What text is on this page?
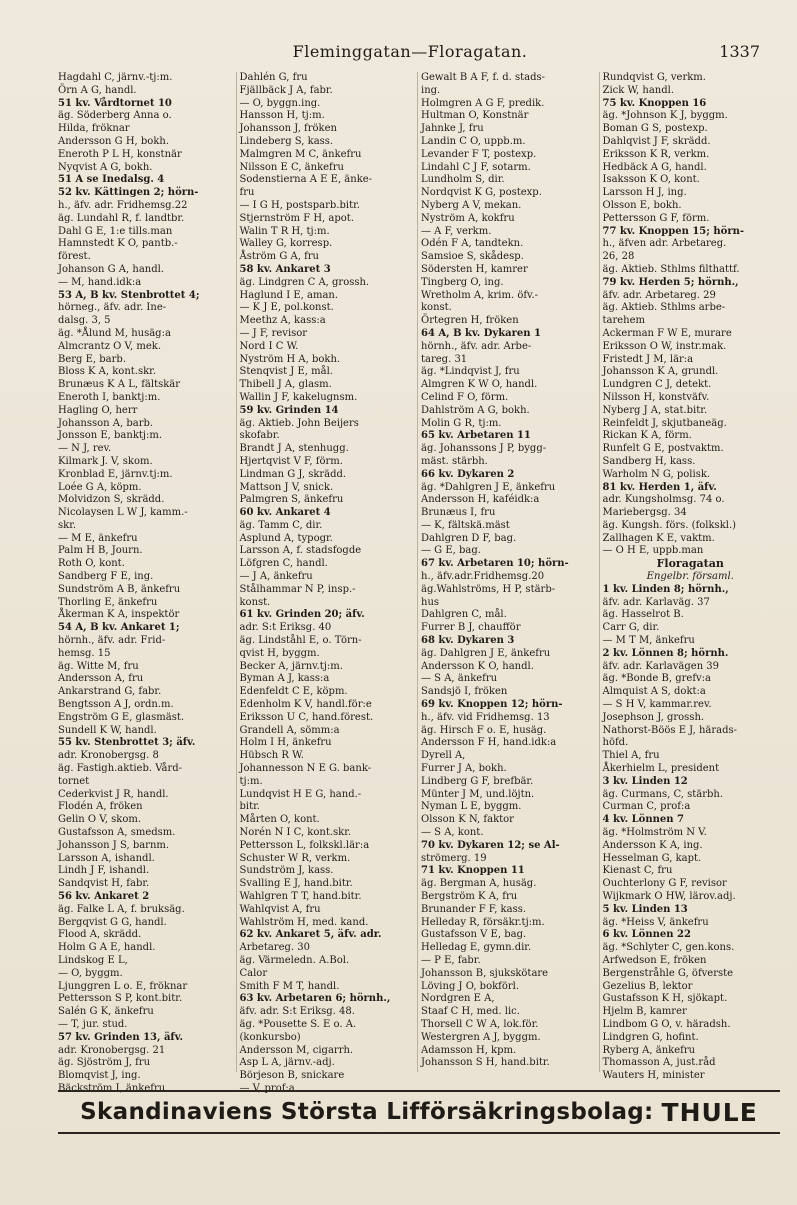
Fleminggatan—Floragatan.	1337
Hagdahl C, järnv.-tj:m.
Örn A G, handl.
51 kv. Vårdtornet 10
äg. Söderberg Anna o.
Hilda, fröknar
Andersson G H, bokh.
Eneroth P L H, konstnär
Nyqvist A G, bokh.
51 A se Inedalsg. 4
52 kv. Kättingen 2; hörn-
h., äfv. adr. Fridhemsg.22
äg. Lundahl R, f. landtbr.
Dahl G E, 1:e tills.man
Hamnstedt K O, pantb.-
förest.
Johanson G A, handl.
— M, hand.idk:a
53 A, B kv. Stenbrottet 4;
hörneg., äfv. adr. Ine-
dalsg. 3, 5
äg. *Ålund M, husäg:a
Almcrantz O V, mek.
Berg E, barb.
Bloss K A, kont.skr.
Brunæus K A L, fältskär
Eneroth I, banktj:m.
Hagling O, herr
Johansson A, barb.
Jonsson E, banktj:m.
— N J, rev.
Kilmark J. V, skom.
Kronblad E, järnv.tj:m.
Loée G A, köpm.
Molvidzon S, skrädd.
Nicolaysen L W J, kamm.-
skr.
— M E, änkefru
Palm H B, Journ.
Roth O, kont.
Sandberg F E, ing.
Sundström A B, änkefru
Thorling E, änkefru
Åkerman K A, inspektör
54 A, B kv. Ankaret 1;
hörnh., äfv. adr. Frid-
hemsg. 15
äg. Witte M, fru
Andersson A, fru
Ankarstrand G, fabr.
Bengtsson A J, ordn.m.
Engström G E, glasmäst.
Sundell K W, handl.
55 kv. Stenbrottet 3; äfv.
adr. Kronobergsg. 8
äg. Fastigh.aktieb. Vård-
tornet
Cederkvist J R, handl.
Flodén A, fröken
Gelin O V, skom.
Gustafsson A, smedsm.
Johansson J S, barnm.
Larsson A, ishandl.
Lindh J F, ishandl.
Sandqvist H, fabr.
56 kv. Ankaret 2
äg. Falke L A, f. bruksäg.
Bergqvist G G, handl.
Flood A, skrädd.
Holm G A E, handl.
Lindskog E L,
— O, byggm.
Ljunggren L o. E, fröknar
Pettersson S P, kont.bitr.
Salén G K, änkefru
— T, jur. stud.
57 kv. Grinden 13, äfv.
adr. Kronobergsg. 21
äg. Sjöström J, fru
Blomqvist J, ing.
Bäckström I, änkefru
Dahlén G, fru
Fjällbäck J A, fabr.
— O, byggn.ing.
Hansson H, tj:m.
Johansson J, fröken
Lindeberg S, kass.
Malmgren M C, änkefru
Nilsson E C, änkefru
Sodenstierna A E E, änke-
fru
— I G H, postsparb.bitr.
Stjernström F H, apot.
Walin T R H, tj:m.
Walley G, korresp.
Åström G A, fru
58 kv. Ankaret 3
äg. Lindgren C A, grossh.
Haglund I E, aman.
— K J E, pol.konst.
Meethz A, kass:a
— J F, revisor
Nord I C W.
Nyström H A, bokh.
Stenqvist J E, mål.
Thibell J A, glasm.
Wallin J F, kakelugnsm.
59 kv. Grinden 14
äg. Aktieb. John Beijers
skofabr.
Brandt J A, stenhugg.
Hjertqvist V F, förm.
Lindman G J, skrädd.
Mattson J V, snick.
Palmgren S, änkefru
60 kv. Ankaret 4
äg. Tamm C, dir.
Asplund A, typogr.
Larsson A, f. stadsfogde
Löfgren C, handl.
— J A, änkefru
Stålhammar N P, insp.-
konst.
61 kv. Grinden 20; äfv.
adr. S:t Eriksg. 40
äg. Lindståhl E, o. Törn-
qvist H, byggm.
Becker A, järnv.tj:m.
Byman A J, kass:a
Edenfeldt C E, köpm.
Edenholm K V, handl.för:e
Eriksson U C, hand.förest.
Grandell A, sömm:a
Holm I H, änkefru
Hübsch R W.
Johannesson N E G. bank-
tj:m.
Lundqvist H E G, hand.-
bitr.
Mårten O, kont.
Norén N I C, kont.skr.
Pettersson L, folkskl.lär:a
Schuster W R, verkm.
Sundström J, kass.
Svalling E J, hand.bitr.
Wahlgren T T, hand.bitr.
Wahlqvist A, fru
Wahlström H, med. kand.
62 kv. Ankaret 5, äfv. adr.
Arbetareg. 30
äg. Värmeledn. A.Bol.
Calor
Smith F M T, handl.
63 kv. Arbetaren 6; hörnh.,
äfv. adr. S:t Eriksg. 48.
äg. *Pousette S. E o. A.
(konkursbo)
Andersson M, cigarrh.
Asp L A, järnv.-adj.
Börjeson B, snickare
— V, prof:a
Gewalt B A F, f. d. stads-
ing.
Holmgren A G F, predik.
Hultman O, Konstnär
Jahnke J, fru
Landin C O, uppb.m.
Levander F T, postexp.
Lindahl C J F, sotarm.
Lundholm S, dir.
Nordqvist K G, postexp.
Nyberg A V, mekan.
Nyström A, kokfru
— A F, verkm.
Odén F A, tandtekn.
Samsioe S, skådesp.
Södersten H, kamrer
Tingberg O, ing.
Wretholm A, krim. öfv.-
konst.
Örtegren H, fröken
64 A, B kv. Dykaren 1
hörnh., äfv. adr. Arbe-
tareg. 31
äg. *Lindqvist J, fru
Almgren K W O, handl.
Celind F O, förm.
Dahlström A G, bokh.
Molin G R, tj:m.
65 kv. Arbetaren 11
äg. Johanssons J P, bygg-
mäst. stärbh.
66 kv. Dykaren 2
äg. *Dahlgren J E, änkefru
Andersson H, kaféidk:a
Brunæus I, fru
— K, fältskä.mäst
Dahlgren D F, bag.
— G E, bag.
67 kv. Arbetaren 10; hörn-
h., äfv.adr.Fridhemsg.20
äg.Wahlströms, H P, stärb-
hus
Dahlgren C, mål.
Furrer B J, chaufför
68 kv. Dykaren 3
äg. Dahlgren J E, änkefru
Andersson K O, handl.
— S A, änkefru
Sandsjö I, fröken
69 kv. Knoppen 12; hörn-
h., äfv. vid Fridhemsg. 13
äg. Hirsch F o. E, husäg.
Andersson F H, hand.idk:a
Dyrell A,
Furrer J A, bokh.
Lindberg G F, brefbär.
Münter J M, und.löjtn.
Nyman L E, byggm.
Olsson K N, faktor
— S A, kont.
70 kv. Dykaren 12; se Al-
strömerg. 19
71 kv. Knoppen 11
äg. Bergman A, husäg.
Bergström K A, fru
Brunander F F, kass.
Helleday R, försäkr.tj:m.
Gustafsson V E, bag.
Helledag E, gymn.dir.
— P E, fabr.
Johansson B, sjukskötare
Löving J O, bokförl.
Nordgren E A,
Staaf C H, med. lic.
Thorsell C W A, lok.för.
Westergren A J, byggm.
Adamsson H, kpm.
Johansson S H, hand.bitr.
Rundqvist G, verkm.
Zick W, handl.
75 kv. Knoppen 16
äg. *Johnson K J, byggm.
Boman G S, postexp.
Dahlqvist J F, skrädd.
Eriksson K R, verkm.
Hedbäck A G, handl.
Isaksson K O, kont.
Larsson H J, ing.
Olsson E, bokh.
Pettersson G F, förm.
77 kv. Knoppen 15; hörn-
h., äfven adr. Arbetareg.
26, 28
äg. Aktieb. Sthlms filthattf.
79 kv. Herden 5; hörnh.,
äfv. adr. Arbetareg. 29
äg. Aktieb. Sthlms arbe-
tarehem
Ackerman F W E, murare
Eriksson O W, instr.mak.
Fristedt J M, lär:a
Johansson K A, grundl.
Lundgren C J, detekt.
Nilsson H, konstväfv.
Nyberg J A, stat.bitr.
Reinfeldt J, skjutbaneäg.
Rickan K A, förm.
Runfelt G E, postvaktm.
Sandberg H, kass.
Warholm N G, polisk.
81 kv. Herden 1, äfv.
adr. Kungsholmsg. 74 o.
Mariebergsg. 34
äg. Kungsh. förs. (folkskl.)
Zallhagen K E, vaktm.
— O H E, uppb.man
Floragatan
Engelbr. församl.
1 kv. Linden 8; hörnh.,
äfv. adr. Karlaväg. 37
äg. Hasselrot B.
Carr G, dir.
— M T M, änkefru
2 kv. Lönnen 8; hörnh.
äfv. adr. Karlavägen 39
äg. *Bonde B, grefv:a
Almquist A S, dokt:a
— S H V, kammar.rev.
Josephson J, grossh.
Nathorst-Böös E J, härads-
höfd.
Thiel A, fru
Åkerhielm L, president
3 kv. Linden 12
äg. Curmans, C, stärbh.
Curman C, prof:a
4 kv. Lönnen 7
äg. *Holmström N V.
Andersson K A, ing.
Hesselman G, kapt.
Kienast C, fru
Ouchterlony G F, revisor
Wijkmark O HW, lärov.adj.
5 kv. Linden 13
äg. *Heiss V, änkefru
6 kv. Lönnen 22
äg. *Schlyter C, gen.kons.
Arfwedson E, fröken
Bergenstråhle G, öfverste
Gezelius B, lektor
Gustafsson K H, sjökapt.
Hjelm B, kamrer
Lindbom G O, v. häradsh.
Lindgren G, hofint.
Ryberg A, änkefru
Thomasson A, just.råd
Wauters H, minister
Skandinaviens Största Lifförsäkringsbolag: THULE
